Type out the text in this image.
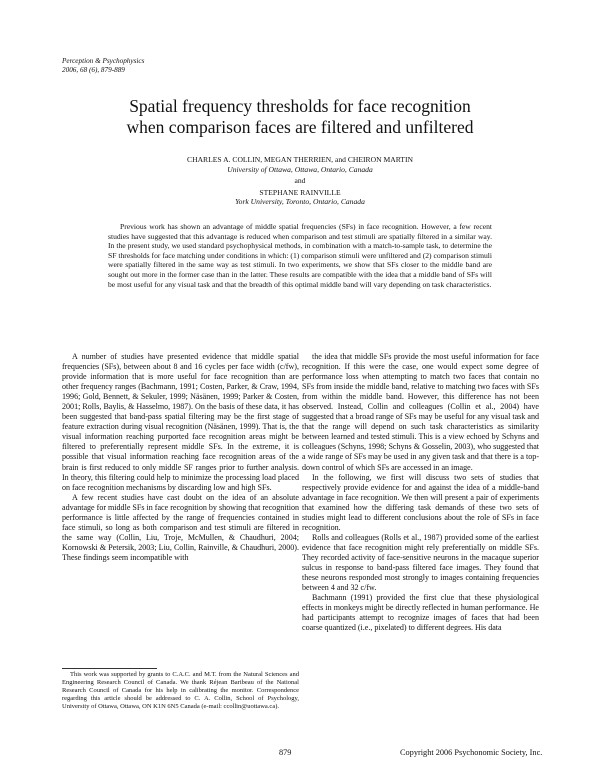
Perception & Psychophysics
2006, 68 (6), 879-889
Spatial frequency thresholds for face recognition
when comparison faces are filtered and unfiltered
CHARLES A. COLLIN, MEGAN THERRIEN, and CHEIRON MARTIN
University of Ottawa, Ottawa, Ontario, Canada
and
STEPHANE RAINVILLE
York University, Toronto, Ontario, Canada
Previous work has shown an advantage of middle spatial frequencies (SFs) in face recognition. However, a few recent studies have suggested that this advantage is reduced when comparison and test stimuli are spatially filtered in a similar way. In the present study, we used standard psychophysical methods, in combination with a match-to-sample task, to determine the SF thresholds for face matching under conditions in which: (1) comparison stimuli were unfiltered and (2) comparison stimuli were spatially filtered in the same way as test stimuli. In two experiments, we show that SFs closer to the middle band are sought out more in the former case than in the latter. These results are compatible with the idea that a middle band of SFs will be most useful for any visual task and that the breadth of this optimal middle band will vary depending on task characteristics.

A number of studies have presented evidence that middle spatial frequencies (SFs), between about 8 and 16 cycles per face width (c/fw), provide information that is more useful for face recognition than are other frequency ranges (Bachmann, 1991; Costen, Parker, & Craw, 1994, 1996; Gold, Bennett, & Sekuler, 1999; Näsänen, 1999; Parker & Costen, 2001; Rolls, Baylis, & Hasselmo, 1987). On the basis of these data, it has been suggested that band-pass spatial filtering may be the first stage of feature extraction during visual recognition (Näsänen, 1999). That is, the visual information reaching purported face recognition areas might be filtered to preferentially represent middle SFs. In the extreme, it is possible that visual information reaching face recognition areas of the brain is first reduced to only middle SF ranges prior to further analysis. In theory, this filtering could help to minimize the processing load placed on face recognition mechanisms by discarding low and high SFs.

A few recent studies have cast doubt on the idea of an absolute advantage for middle SFs in face recognition by showing that recognition performance is little affected by the range of frequencies contained in face stimuli, so long as both comparison and test stimuli are filtered in the same way (Collin, Liu, Troje, McMullen, & Chaudhuri, 2004; Kornowski & Petersik, 2003; Liu, Collin, Rainville, & Chaudhuri, 2000). These findings seem incompatible with

the idea that middle SFs provide the most useful information for face recognition. If this were the case, one would expect some degree of performance loss when attempting to match two faces that contain no SFs from inside the middle band, relative to matching two faces with SFs from within the middle band. However, this difference has not been observed. Instead, Collin and colleagues (Collin et al., 2004) have suggested that a broad range of SFs may be useful for any visual task and that the range will depend on such task characteristics as similarity between learned and tested stimuli. This is a view echoed by Schyns and colleagues (Schyns, 1998; Schyns & Gosselin, 2003), who suggested that a wide range of SFs may be used in any given task and that there is a top-down control of which SFs are accessed in an image.

In the following, we first will discuss two sets of studies that respectively provide evidence for and against the idea of a middle-band advantage in face recognition. We then will present a pair of experiments that examined how the differing task demands of these two sets of studies might lead to different conclusions about the role of SFs in face recognition.

Rolls and colleagues (Rolls et al., 1987) provided some of the earliest evidence that face recognition might rely preferentially on middle SFs. They recorded activity of face-sensitive neurons in the macaque superior sulcus in response to band-pass filtered face images. They found that these neurons responded most strongly to images containing frequencies between 4 and 32 c/fw.

Bachmann (1991) provided the first clue that these physiological effects in monkeys might be directly reflected in human performance. He had participants attempt to recognize images of faces that had been coarse quantized (i.e., pixelated) to different degrees. His data

This work was supported by grants to C.A.C. and M.T. from the Natural Sciences and Engineering Research Council of Canada. We thank Réjean Baribeau of the National Research Council of Canada for his help in calibrating the monitor. Correspondence regarding this article should be addressed to C. A. Collin, School of Psychology, University of Ottawa, Ottawa, ON K1N 6N5 Canada (e-mail: ccollin@uottawa.ca).
879	Copyright 2006 Psychonomic Society, Inc.
